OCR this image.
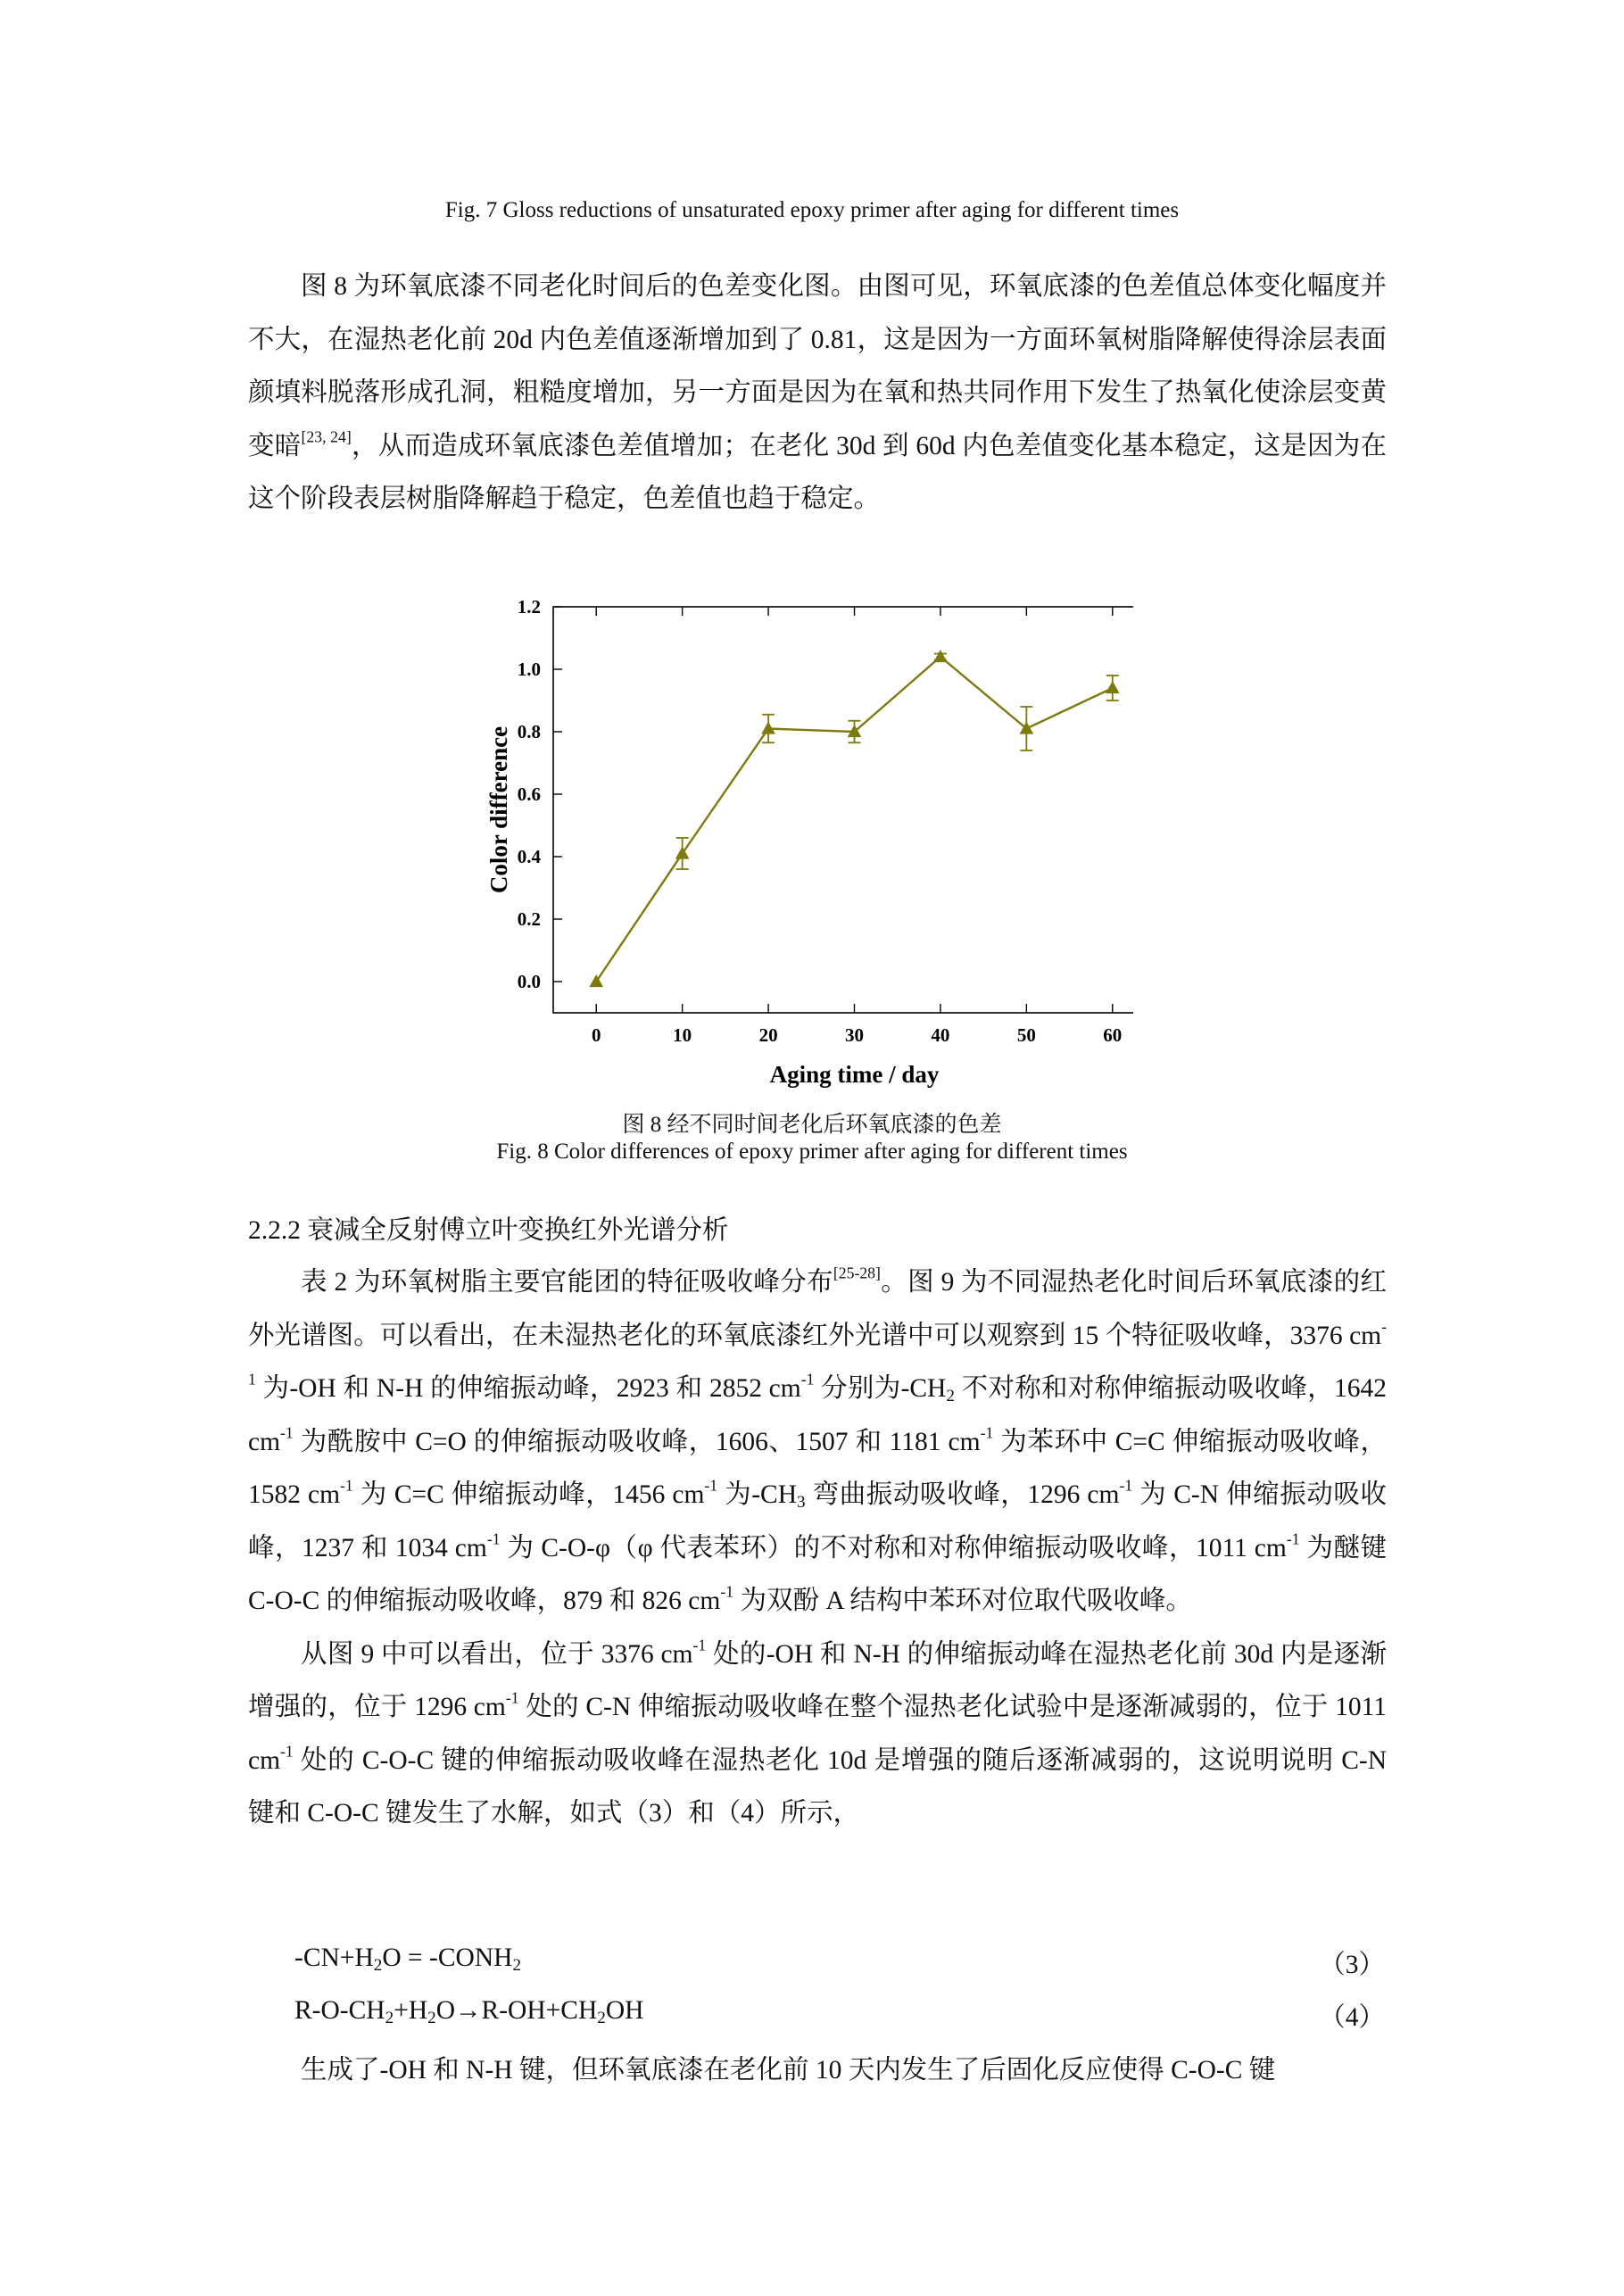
Fig. 7 Gloss reductions of unsaturated epoxy primer after aging for different times

图 8 为环氧底漆不同老化时间后的色差变化图。由图可见，环氧底漆的色差值总体变化幅度并不大，在湿热老化前 20d 内色差值逐渐增加到了 0.81，这是因为一方面环氧树脂降解使得涂层表面颜填料脱落形成孔洞，粗糙度增加，另一方面是因为在氧和热共同作用下发生了热氧化使涂层变黄变暗[23, 24]，从而造成环氧底漆色差值增加；在老化 30d 到 60d 内色差值变化基本稳定，这是因为在这个阶段表层树脂降解趋于稳定，色差值也趋于稳定。

0.0
0.2
0.4
0.6
0.8
1.0
1.2
0	10	20	30	40	50	60
Aging time / day
Color difference
图 8 经不同时间老化后环氧底漆的色差
Fig. 8 Color differences of epoxy primer after aging for different times
2.2.2 衰减全反射傅立叶变换红外光谱分析

表 2 为环氧树脂主要官能团的特征吸收峰分布[25-28]。图 9 为不同湿热老化时间后环氧底漆的红外光谱图。可以看出，在未湿热老化的环氧底漆红外光谱中可以观察到 15 个特征吸收峰，3376 $cm^{-1}$ 为-OH 和 N-H 的伸缩振动峰，2923 和 2852 $cm^{-1}$ 分别为$-CH_2$ 不对称和对称伸缩振动吸收峰，1642 $cm^{-1}$ 为酰胺中 C=O 的伸缩振动吸收峰，1606、1507 和 1181 $cm^{-1}$ 为苯环中 C=C 伸缩振动吸收峰，1582 $cm^{-1}$ 为 C=C 伸缩振动峰，1456 $cm^{-1}$ 为$-CH_3$ 弯曲振动吸收峰，1296 $cm^{-1}$ 为 C-N 伸缩振动吸收峰，1237 和 1034 $cm^{-1}$ 为 C-O-φ（φ 代表苯环）的不对称和对称伸缩振动吸收峰，1011 $cm^{-1}$ 为醚键 C-O-C 的伸缩振动吸收峰，879 和 826 $cm^{-1}$ 为双酚 A 结构中苯环对位取代吸收峰。

从图 9 中可以看出，位于 3376 $cm^{-1}$ 处的-OH 和 N-H 的伸缩振动峰在湿热老化前 30d 内是逐渐增强的，位于 1296 $cm^{-1}$ 处的 C-N 伸缩振动吸收峰在整个湿热老化试验中是逐渐减弱的，位于 1011 $cm^{-1}$ 处的 C-O-C 键的伸缩振动吸收峰在湿热老化 10d 是增强的随后逐渐减弱的，这说明说明 C-N 键和 C-O-C 键发生了水解，如式（3）和（4）所示，

$-CN+H_2O$ = $-CONH_2$	（3）
$R-O-CH_2+H_2O\to R-OH+CH_2OH$	（4）

生成了-OH 和 N-H 键，但环氧底漆在老化前 10 天内发生了后固化反应使得 C-O-C 键
